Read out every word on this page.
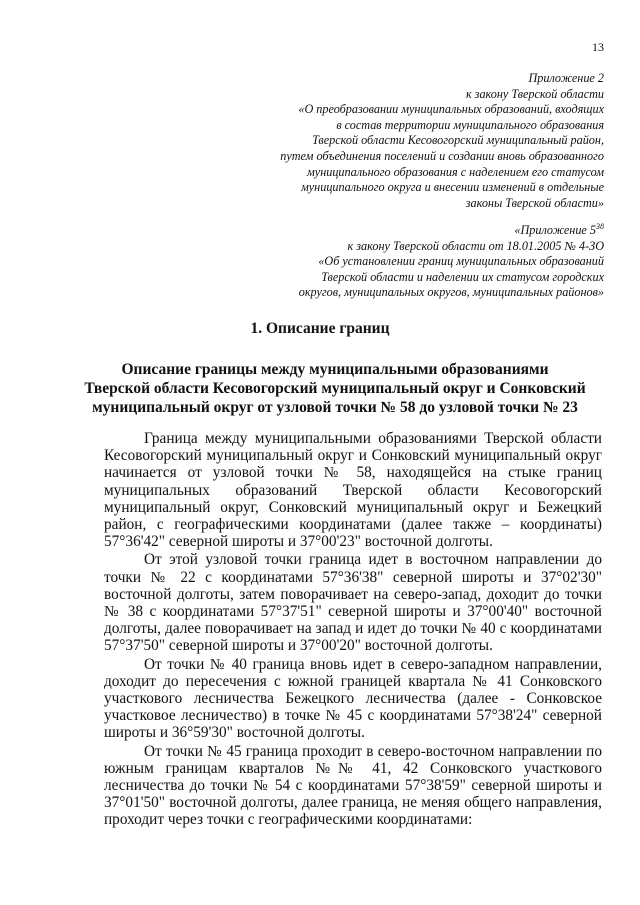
13

Приложение 2

к закону Тверской области

«О преобразовании муниципальных образований, входящих

в состав территории муниципального образования

Тверской области Кесовогорский муниципальный район,

путем объединения поселений и создании вновь образованного

муниципального образования с наделением его статусом

муниципального округа и внесении изменений в отдельные

законы Тверской области»

«Приложение $5^{38}$

к закону Тверской области от 18.01.2005 № 4-ЗО

«Об установлении границ муниципальных образований

Тверской области и наделении их статусом городских

округов, муниципальных округов, муниципальных районов»

1. Описание границ

Описание границы между муниципальными образованиями

Тверской области Кесовогорский муниципальный округ и Сонковский

муниципальный округ от узловой точки № 58 до узловой точки № 23

Граница между муниципальными образованиями Тверской области Кесовогорский муниципальный округ и Сонковский муниципальный округ начинается от узловой точки № 58, находящейся на стыке границ муниципальных образований Тверской области Кесовогорский муниципальный округ, Сонковский муниципальный округ и Бежецкий район, с географическими координатами (далее также – координаты) 57°36'42" северной широты и 37°00'23" восточной долготы.

От этой узловой точки граница идет в восточном направлении до точки № 22 с координатами 57°36'38" северной широты и 37°02'30" восточной долготы, затем поворачивает на северо-запад, доходит до точки № 38 с координатами 57°37'51" северной широты и 37°00'40" восточной долготы, далее поворачивает на запад и идет до точки № 40 с координатами 57°37'50" северной широты и 37°00'20" восточной долготы.

От точки № 40 граница вновь идет в северо-западном направлении, доходит до пересечения с южной границей квартала № 41 Сонковского участкового лесничества Бежецкого лесничества (далее - Сонковское участковое лесничество) в точке № 45 с координатами 57°38'24" северной широты и 36°59'30" восточной долготы.

От точки № 45 граница проходит в северо-восточном направлении по южным границам кварталов №№ 41, 42 Сонковского участкового лесничества до точки № 54 с координатами 57°38'59" северной широты и 37°01'50" восточной долготы, далее граница, не меняя общего направления, проходит через точки с географическими координатами:
